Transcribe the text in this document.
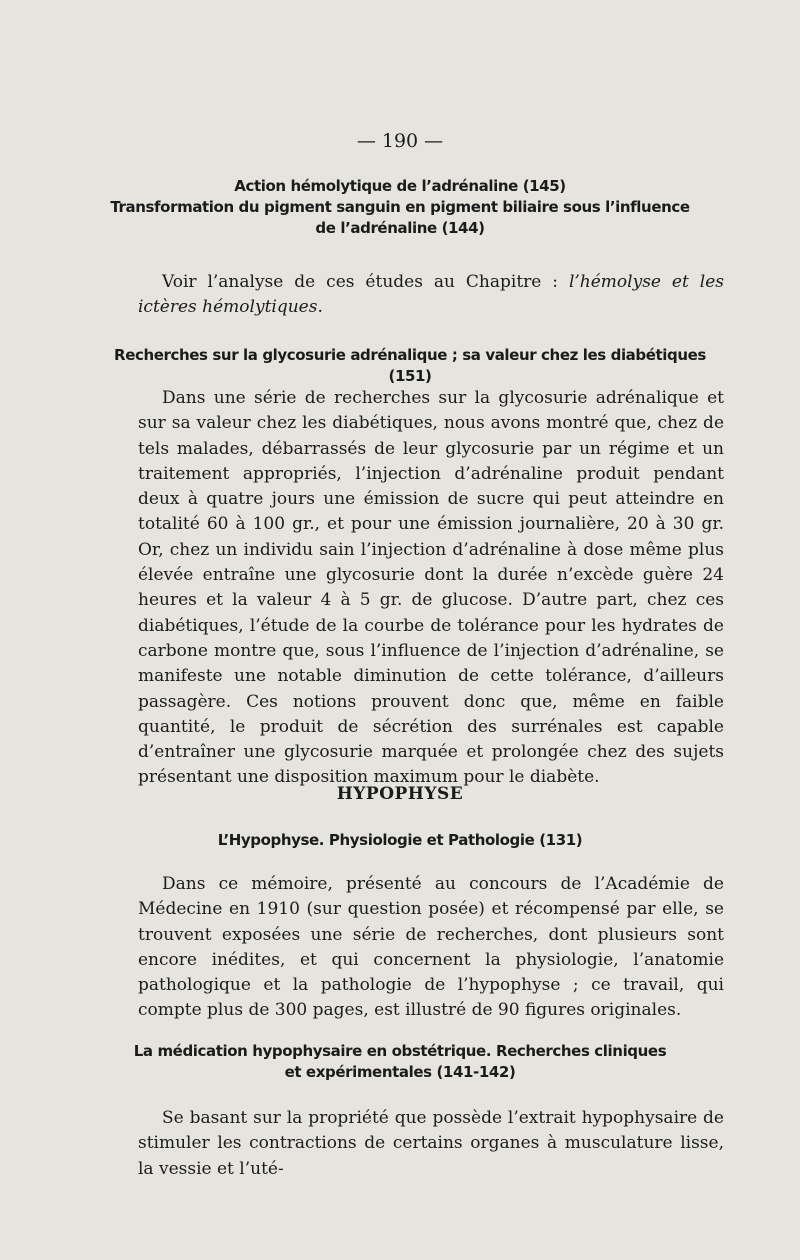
— 190 —
Action hémolytique de l’adrénaline (145)
Transformation du pigment sanguin en pigment biliaire sous l’influence
de l’adrénaline (144)

Voir l’analyse de ces études au Chapitre : l’hémolyse et les ictères hémolytiques.

Recherches sur la glycosurie adrénalique ; sa valeur chez les diabétiques (151)

Dans une série de recherches sur la glycosurie adrénalique et sur sa valeur chez les diabétiques, nous avons montré que, chez de tels malades, débarrassés de leur glycosurie par un régime et un traitement appropriés, l’injection d’adrénaline produit pendant deux à quatre jours une émission de sucre qui peut atteindre en totalité 60 à 100 gr., et pour une émission journalière, 20 à 30 gr. Or, chez un individu sain l’injection d’adrénaline à dose même plus élevée entraîne une glycosurie dont la durée n’excède guère 24 heures et la valeur 4 à 5 gr. de glucose. D’autre part, chez ces diabétiques, l’étude de la courbe de tolérance pour les hydrates de carbone montre que, sous l’influence de l’injection d’adrénaline, se manifeste une notable diminution de cette tolérance, d’ailleurs passagère. Ces notions prouvent donc que, même en faible quantité, le produit de sécrétion des surrénales est capable d’entraîner une glycosurie marquée et prolongée chez des sujets présentant une disposition maximum pour le diabète.

HYPOPHYSE
L’Hypophyse. Physiologie et Pathologie (131)

Dans ce mémoire, présenté au concours de l’Académie de Médecine en 1910 (sur question posée) et récompensé par elle, se trouvent exposées une série de recherches, dont plusieurs sont encore inédites, et qui concernent la physiologie, l’anatomie pathologique et la pathologie de l’hypophyse ; ce travail, qui compte plus de 300 pages, est illustré de 90 figures originales.

La médication hypophysaire en obstétrique. Recherches cliniques
et expérimentales (141-142)

Se basant sur la propriété que possède l’extrait hypophysaire de stimuler les contractions de certains organes à musculature lisse, la vessie et l’uté-
